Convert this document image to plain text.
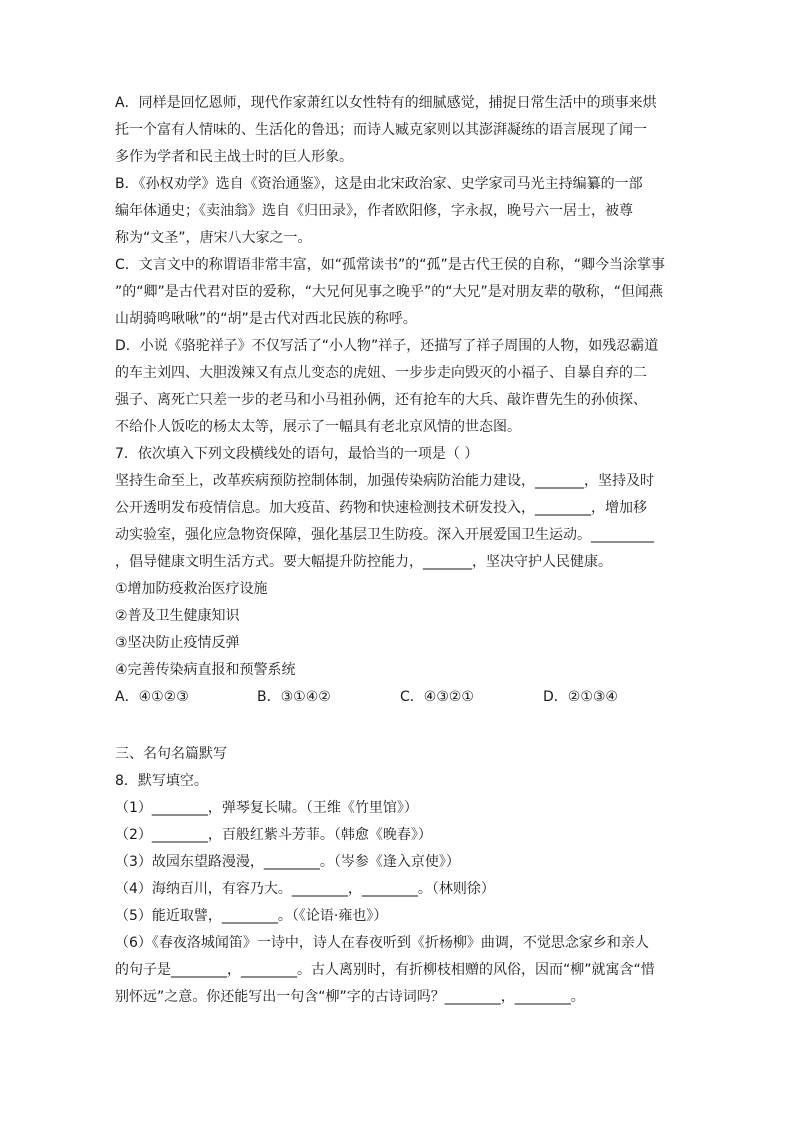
A．同样是回忆恩师，现代作家萧红以女性特有的细腻感觉，捕捉日常生活中的琐事来烘
托一个富有人情味的、生活化的鲁迅；而诗人臧克家则以其澎湃凝练的语言展现了闻一
多作为学者和民主战士时的巨人形象。
B．《孙权劝学》选自《资治通鉴》，这是由北宋政治家、史学家司马光主持编纂的一部
编年体通史；《卖油翁》选自《归田录》，作者欧阳修，字永叔，晚号六一居士，被尊
称为“文圣”，唐宋八大家之一。
C．文言文中的称谓语非常丰富，如“孤常读书”的“孤”是古代王侯的自称，“卿今当涂掌事
”的“卿”是古代君对臣的爱称，“大兄何见事之晚乎”的“大兄”是对朋友辈的敬称，“但闻燕
山胡骑鸣啾啾”的“胡”是古代对西北民族的称呼。
D．小说《骆驼祥子》不仅写活了“小人物”祥子，还描写了祥子周围的人物，如残忍霸道
的车主刘四、大胆泼辣又有点儿变态的虎妞、一步步走向毁灭的小福子、自暴自弃的二
强子、离死亡只差一步的老马和小马祖孙俩，还有抢车的大兵、敲诈曹先生的孙侦探、
不给仆人饭吃的杨太太等，展示了一幅具有老北京风情的世态图。
7．依次填入下列文段横线处的语句，最恰当的一项是（ ）
坚持生命至上，改革疾病预防控制体制，加强传染病防治能力建设，_______，坚持及时
公开透明发布疫情信息。加大疫苗、药物和快速检测技术研发投入，________，增加移
动实验室，强化应急物资保障，强化基层卫生防疫。深入开展爱国卫生运动。_________
，倡导健康文明生活方式。要大幅提升防控能力，_______，坚决守护人民健康。
①增加防疫救治医疗设施
②普及卫生健康知识
③坚决防止疫情反弹
④完善传染病直报和预警系统
A．④①②③	B．③①④②	C．④③②①	D．②①③④
三、名句名篇默写
8．默写填空。
（1）________，弹琴复长啸。（王维《竹里馆》）
（2）________，百般红紫斗芳菲。（韩愈《晚春》）
（3）故园东望路漫漫，________。（岑参《逢入京使》）
（4）海纳百川，有容乃大。________，________。（林则徐）
（5）能近取譬，________。（《论语·雍也》）
（6）《春夜洛城闻笛》一诗中，诗人在春夜听到《折杨柳》曲调，不觉思念家乡和亲人
的句子是________，________。古人离别时，有折柳枝相赠的风俗，因而“柳”就寓含“惜
别怀远”之意。你还能写出一句含“柳”字的古诗词吗？________，________。
